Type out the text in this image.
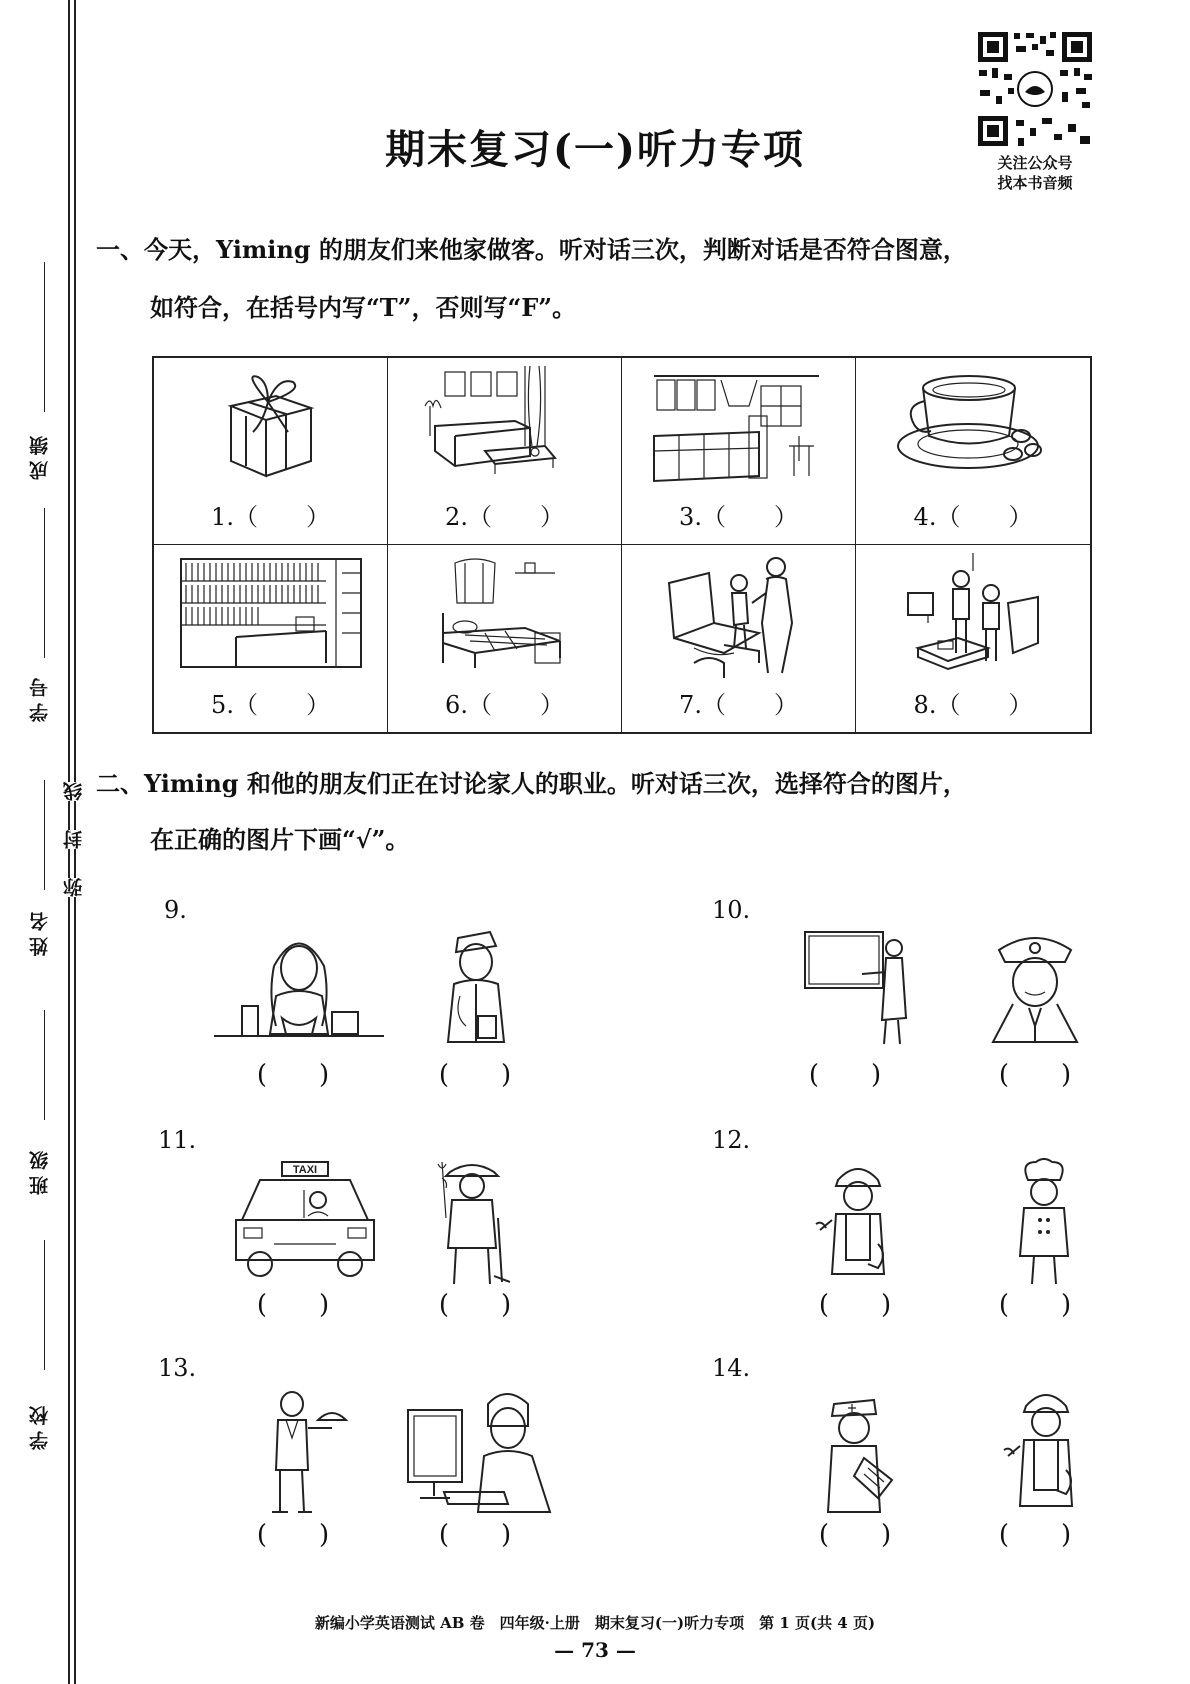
成绩
学号
姓名
班级
学校
线
封
弥
关注公众号
找本书音频
期末复习(一)听力专项
一、今天，Yiming 的朋友们来他家做客。听对话三次，判断对话是否符合图意，
如符合，在括号内写“T”，否则写“F”。
1.（　　）	2.（　　）	3.（　　）	4.（　　）
5.（　　）	6.（　　）	7.（　　）	8.（　　）
二、Yiming 和他的朋友们正在讨论家人的职业。听对话三次，选择符合的图片，
在正确的图片下画“√”。
9.
(　　)	(　　)
10.
(　　)	(　　)
11.
TAXI
(　　)	(　　)
12.
(　　)	(　　)
13.
(　　)	(　　)
14.
(　　)	(　　)
新编小学英语测试 AB 卷　四年级·上册　期末复习(一)听力专项　第 1 页(共 4 页)
— 73 —
